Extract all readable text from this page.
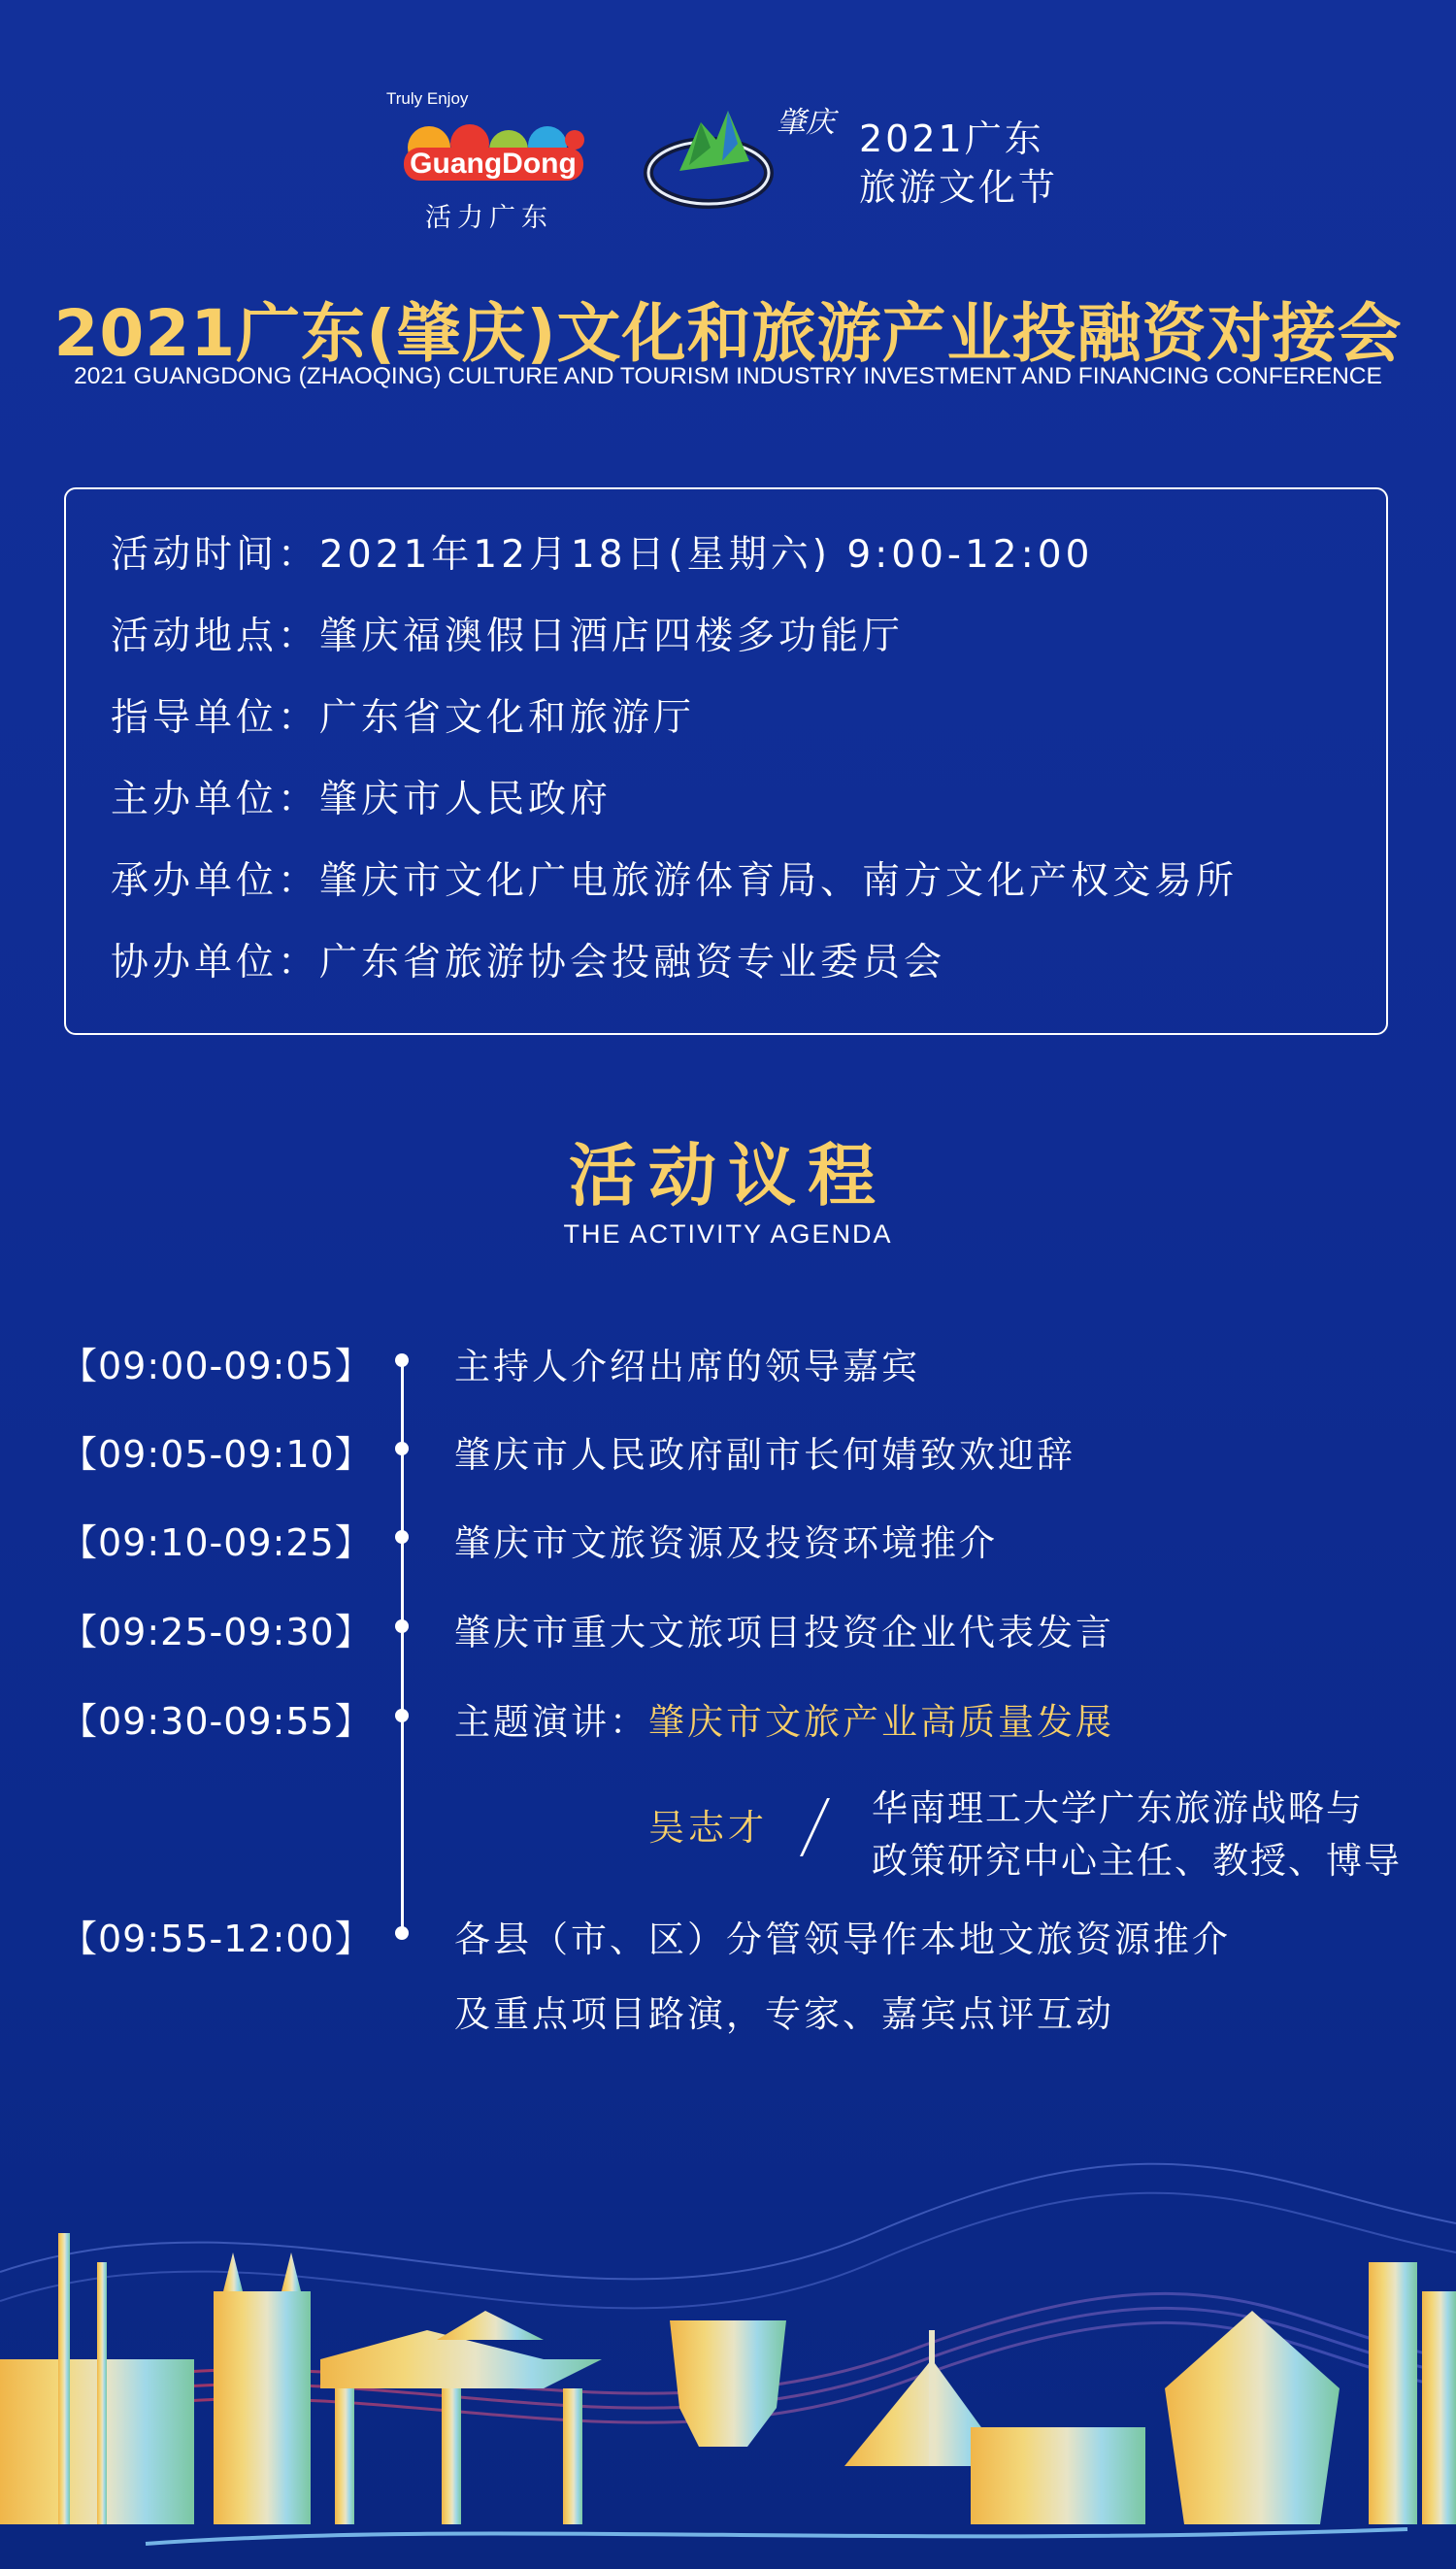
Truly Enjoy
GuangDong
活力广东
肇庆 2021广东
旅游文化节
2021广东(肇庆)文化和旅游产业投融资对接会
2021 GUANGDONG (ZHAOQING) CULTURE AND TOURISM INDUSTRY INVESTMENT AND FINANCING CONFERENCE
活动时间：2021年12月18日(星期六) 9:00-12:00
活动地点：肇庆福澳假日酒店四楼多功能厅
指导单位：广东省文化和旅游厅
主办单位：肇庆市人民政府
承办单位：肇庆市文化广电旅游体育局、南方文化产权交易所
协办单位：广东省旅游协会投融资专业委员会
活动议程
THE ACTIVITY AGENDA
【09:00-09:05】 主持人介绍出席的领导嘉宾
【09:05-09:10】 肇庆市人民政府副市长何婧致欢迎辞
【09:10-09:25】 肇庆市文旅资源及投资环境推介
【09:25-09:30】 肇庆市重大文旅项目投资企业代表发言
【09:30-09:55】 主题演讲：肇庆市文旅产业高质量发展
吴志才	华南理工大学广东旅游战略与
政策研究中心主任、教授、博导
【09:55-12:00】 各县（市、区）分管领导作本地文旅资源推介
及重点项目路演，专家、嘉宾点评互动
